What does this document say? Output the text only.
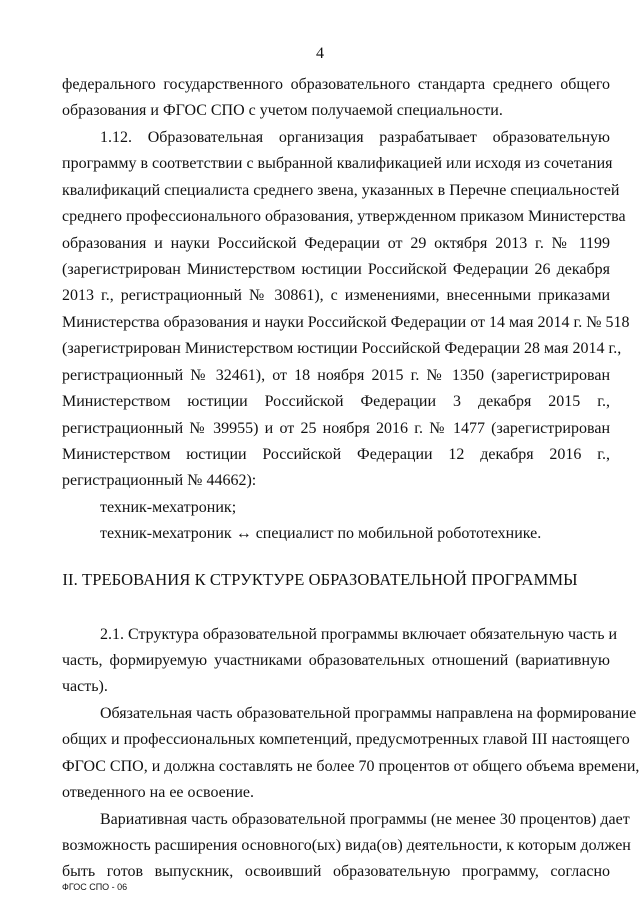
4
федерального государственного образовательного стандарта среднего общего
образования и ФГОС СПО с учетом получаемой специальности.
1.12. Образовательная организация разрабатывает образовательную
программу в соответствии с выбранной квалификацией или исходя из сочетания
квалификаций специалиста среднего звена, указанных в Перечне специальностей
среднего профессионального образования, утвержденном приказом Министерства
образования и науки Российской Федерации от 29 октября 2013 г. № 1199
(зарегистрирован Министерством юстиции Российской Федерации 26 декабря
2013 г., регистрационный № 30861), с изменениями, внесенными приказами
Министерства образования и науки Российской Федерации от 14 мая 2014 г. № 518
(зарегистрирован Министерством юстиции Российской Федерации 28 мая 2014 г.,
регистрационный № 32461), от 18 ноября 2015 г. № 1350 (зарегистрирован
Министерством юстиции Российской Федерации 3 декабря 2015 г.,
регистрационный № 39955) и от 25 ноября 2016 г. № 1477 (зарегистрирован
Министерством юстиции Российской Федерации 12 декабря 2016 г.,
регистрационный № 44662):
техник-мехатроник;
техник-мехатроник ↔ специалист по мобильной робототехнике.
II. ТРЕБОВАНИЯ К СТРУКТУРЕ ОБРАЗОВАТЕЛЬНОЙ ПРОГРАММЫ
2.1. Структура образовательной программы включает обязательную часть и
часть, формируемую участниками образовательных отношений (вариативную
часть).
Обязательная часть образовательной программы направлена на формирование
общих и профессиональных компетенций, предусмотренных главой III настоящего
ФГОС СПО, и должна составлять не более 70 процентов от общего объема времени,
отведенного на ее освоение.
Вариативная часть образовательной программы (не менее 30 процентов) дает
возможность расширения основного(ых) вида(ов) деятельности, к которым должен
быть готов выпускник, освоивший образовательную программу, согласно
ФГОС СПО - 06
